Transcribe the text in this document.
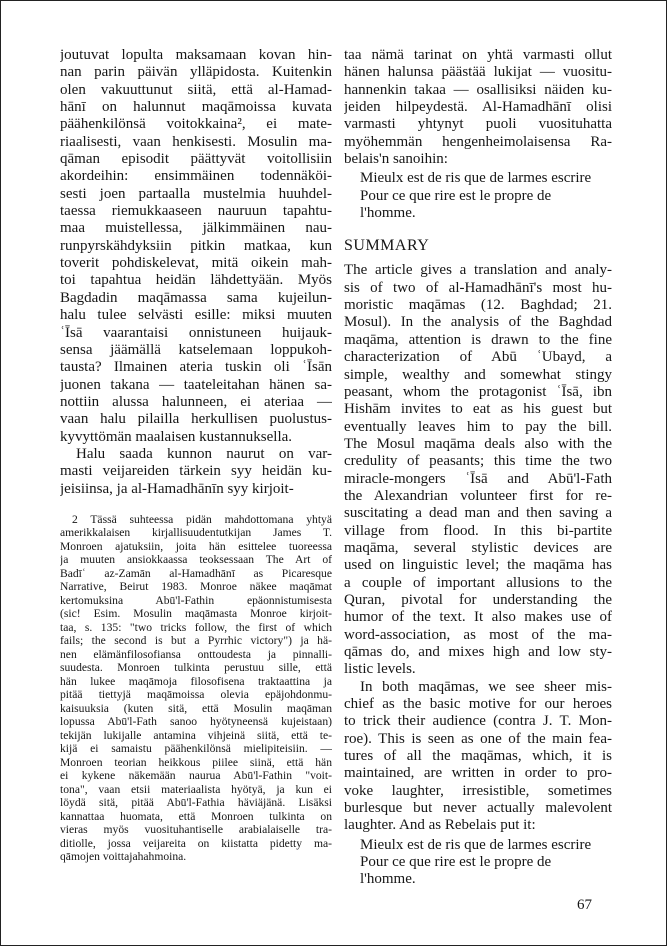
joutuvat lopulta maksamaan kovan hin-
nan parin päivän ylläpidosta. Kuitenkin
olen vakuuttunut siitä, että al-Hamad-
hānī on halunnut maqāmoissa kuvata
päähenkilönsä voitokkaina², ei mate-
riaalisesti, vaan henkisesti. Mosulin ma-
qāman episodit päättyvät voitollisiin
akordeihin: ensimmäinen todennäköi-
sesti joen partaalla mustelmia huuhdel-
taessa riemukkaaseen nauruun tapahtu-
maa muistellessa, jälkimmäinen nau-
runpyrskähdyksiin pitkin matkaa, kun
toverit pohdiskelevat, mitä oikein mah-
toi tapahtua heidän lähdettyään. Myös
Bagdadin maqāmassa sama kujeilun-
halu tulee selvästi esille: miksi muuten
ʿĪsā vaarantaisi onnistuneen huijauk-
sensa jäämällä katselemaan loppukoh-
tausta? Ilmainen ateria tuskin oli ʿĪsān
juonen takana — taateleitahan hänen sa-
nottiin alussa halunneen, ei ateriaa —
vaan halu pilailla herkullisen puolustus-
kyvyttömän maalaisen kustannuksella.
Halu saada kunnon naurut on var-
masti veijareiden tärkein syy heidän ku-
jeisiinsa, ja al-Hamadhānīn syy kirjoit-
2 Tässä suhteessa pidän mahdottomana yhtyä
amerikkalaisen kirjallisuudentutkijan James T.
Monroen ajatuksiin, joita hän esittelee tuoreessa
ja muuten ansiokkaassa teoksessaan The Art of
Badīʿ az-Zamān al-Hamadhānī as Picaresque
Narrative, Beirut 1983. Monroe näkee maqāmat
kertomuksina Abū'l-Fathin epäonnistumisesta
(sic! Esim. Mosulin maqāmasta Monroe kirjoit-
taa, s. 135: "two tricks follow, the first of which
fails; the second is but a Pyrrhic victory") ja hä-
nen elämänfilosofiansa onttoudesta ja pinnalli-
suudesta. Monroen tulkinta perustuu sille, että
hän lukee maqāmoja filosofisena traktaattina ja
pitää tiettyjä maqāmoissa olevia epäjohdonmu-
kaisuuksia (kuten sitä, että Mosulin maqāman
lopussa Abū'l-Fath sanoo hyötyneensä kujeistaan)
tekijän lukijalle antamina vihjeinä siitä, että te-
kijä ei samaistu päähenkilönsä mielipiteisiin. —
Monroen teorian heikkous piilee siinä, että hän
ei kykene näkemään naurua Abū'l-Fathin "voit-
tona", vaan etsii materiaalista hyötyä, ja kun ei
löydä sitä, pitää Abū'l-Fathia häviäjänä. Lisäksi
kannattaa huomata, että Monroen tulkinta on
vieras myös vuosituhantiselle arabialaiselle tra-
ditiolle, jossa veijareita on kiistatta pidetty ma-
qāmojen voittajahahmoina.
taa nämä tarinat on yhtä varmasti ollut
hänen halunsa päästää lukijat — vuositu-
hannenkin takaa — osallisiksi näiden ku-
jeiden hilpeydestä. Al-Hamadhānī olisi
varmasti yhtynyt puoli vuosituhatta
myöhemmän hengenheimolaisensa Ra-
belais'n sanoihin:
Mieulx est de ris que de larmes escrire
Pour ce que rire est le propre de
l'homme.
SUMMARY
The article gives a translation and analy-
sis of two of al-Hamadhānī's most hu-
moristic maqāmas (12. Baghdad; 21.
Mosul). In the analysis of the Baghdad
maqāma, attention is drawn to the fine
characterization of Abū ʿUbayd, a
simple, wealthy and somewhat stingy
peasant, whom the protagonist ʿĪsā, ibn
Hishām invites to eat as his guest but
eventually leaves him to pay the bill.
The Mosul maqāma deals also with the
credulity of peasants; this time the two
miracle-mongers ʿĪsā and Abū'l-Fath
the Alexandrian volunteer first for re-
suscitating a dead man and then saving a
village from flood. In this bi-partite
maqāma, several stylistic devices are
used on linguistic level; the maqāma has
a couple of important allusions to the
Quran, pivotal for understanding the
humor of the text. It also makes use of
word-association, as most of the ma-
qāmas do, and mixes high and low sty-
listic levels.
In both maqāmas, we see sheer mis-
chief as the basic motive for our heroes
to trick their audience (contra J. T. Mon-
roe). This is seen as one of the main fea-
tures of all the maqāmas, which, it is
maintained, are written in order to pro-
voke laughter, irresistible, sometimes
burlesque but never actually malevolent
laughter. And as Rebelais put it:
Mieulx est de ris que de larmes escrire
Pour ce que rire est le propre de
l'homme.
67
